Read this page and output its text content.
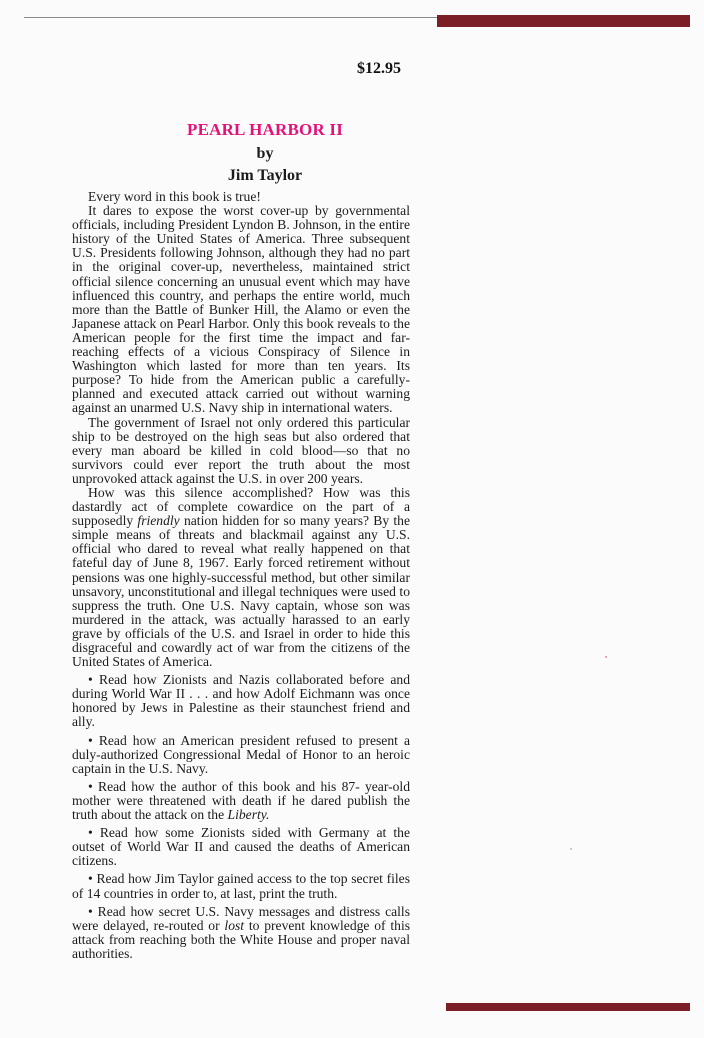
$12.95
PEARL HARBOR II
by
Jim Taylor

Every word in this book is true!

It dares to expose the worst cover-up by governmental officials, including President Lyndon B. Johnson, in the entire history of the United States of America. Three subsequent U.S. Presidents following Johnson, although they had no part in the original cover-up, nevertheless, maintained strict official silence concerning an unusual event which may have influenced this country, and perhaps the entire world, much more than the Battle of Bunker Hill, the Alamo or even the Japanese attack on Pearl Harbor. Only this book reveals to the American people for the first time the impact and far-reaching effects of a vicious Conspiracy of Silence in Washington which lasted for more than ten years. Its purpose? To hide from the American public a carefully-planned and executed attack carried out without warning against an unarmed U.S. Navy ship in international waters.

The government of Israel not only ordered this particular ship to be destroyed on the high seas but also ordered that every man aboard be killed in cold blood—so that no survivors could ever report the truth about the most unprovoked attack against the U.S. in over 200 years.

How was this silence accomplished? How was this dastardly act of complete cowardice on the part of a supposedly friendly nation hidden for so many years? By the simple means of threats and blackmail against any U.S. official who dared to reveal what really happened on that fateful day of June 8, 1967. Early forced retirement without pensions was one highly-successful method, but other similar unsavory, unconstitutional and illegal techniques were used to suppress the truth. One U.S. Navy captain, whose son was murdered in the attack, was actually harassed to an early grave by officials of the U.S. and Israel in order to hide this disgraceful and cowardly act of war from the citizens of the United States of America.

• Read how Zionists and Nazis collaborated before and during World War II . . . and how Adolf Eichmann was once honored by Jews in Palestine as their staunchest friend and ally.

• Read how an American president refused to present a duly-authorized Congressional Medal of Honor to an heroic captain in the U.S. Navy.

• Read how the author of this book and his 87- year-old mother were threatened with death if he dared publish the truth about the attack on the Liberty.

• Read how some Zionists sided with Germany at the outset of World War II and caused the deaths of American citizens.

• Read how Jim Taylor gained access to the top secret files of 14 countries in order to, at last, print the truth.

• Read how secret U.S. Navy messages and distress calls were delayed, re-routed or lost to prevent knowledge of this attack from reaching both the White House and proper naval authorities.
